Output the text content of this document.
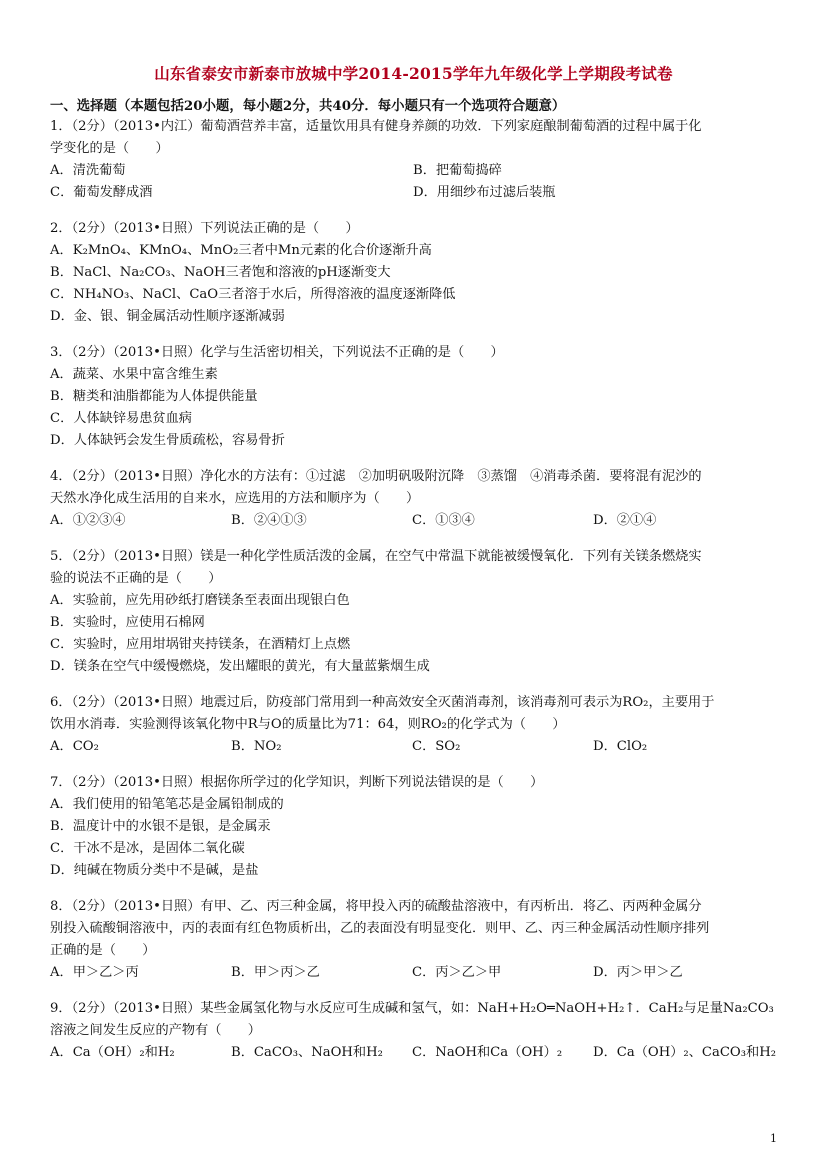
山东省泰安市新泰市放城中学2014-2015学年九年级化学上学期段考试卷
一、选择题（本题包括20小题，每小题2分，共40分．每小题只有一个选项符合题意）
1．（2分）（2013•内江）葡萄酒营养丰富，适量饮用具有健身养颜的功效．下列家庭酿制葡萄酒的过程中属于化
学变化的是（　　）
A．清洗葡萄	B．把葡萄捣碎
C．葡萄发酵成酒	D．用细纱布过滤后装瓶
2．（2分）（2013•日照）下列说法正确的是（　　）
A．K₂MnO₄、KMnO₄、MnO₂三者中Mn元素的化合价逐渐升高
B．NaCl、Na₂CO₃、NaOH三者饱和溶液的pH逐渐变大
C．NH₄NO₃、NaCl、CaO三者溶于水后，所得溶液的温度逐渐降低
D．金、银、铜金属活动性顺序逐渐减弱
3．（2分）（2013•日照）化学与生活密切相关，下列说法不正确的是（　　）
A．蔬菜、水果中富含维生素
B．糖类和油脂都能为人体提供能量
C．人体缺锌易患贫血病
D．人体缺钙会发生骨质疏松，容易骨折
4．（2分）（2013•日照）净化水的方法有：①过滤　②加明矾吸附沉降　③蒸馏　④消毒杀菌．要将混有泥沙的
天然水净化成生活用的自来水，应选用的方法和顺序为（　　）
A．①②③④	B．②④①③	C．①③④	D．②①④
5．（2分）（2013•日照）镁是一种化学性质活泼的金属，在空气中常温下就能被缓慢氧化．下列有关镁条燃烧实
验的说法不正确的是（　　）
A．实验前，应先用砂纸打磨镁条至表面出现银白色
B．实验时，应使用石棉网
C．实验时，应用坩埚钳夹持镁条，在酒精灯上点燃
D．镁条在空气中缓慢燃烧，发出耀眼的黄光，有大量蓝紫烟生成
6．（2分）（2013•日照）地震过后，防疫部门常用到一种高效安全灭菌消毒剂，该消毒剂可表示为RO₂，主要用于
饮用水消毒．实验测得该氧化物中R与O的质量比为71：64，则RO₂的化学式为（　　）
A．CO₂	B．NO₂	C．SO₂	D．ClO₂
7．（2分）（2013•日照）根据你所学过的化学知识，判断下列说法错误的是（　　）
A．我们使用的铅笔笔芯是金属铅制成的
B．温度计中的水银不是银，是金属汞
C．干冰不是冰，是固体二氧化碳
D．纯碱在物质分类中不是碱，是盐
8．（2分）（2013•日照）有甲、乙、丙三种金属，将甲投入丙的硫酸盐溶液中，有丙析出．将乙、丙两种金属分
别投入硫酸铜溶液中，丙的表面有红色物质析出，乙的表面没有明显变化．则甲、乙、丙三种金属活动性顺序排列
正确的是（　　）
A．甲＞乙＞丙	B．甲＞丙＞乙	C．丙＞乙＞甲	D．丙＞甲＞乙
9．（2分）（2013•日照）某些金属氢化物与水反应可生成碱和氢气，如：NaH+H₂O═NaOH+H₂↑．CaH₂与足量Na₂CO₃
溶液之间发生反应的产物有（　　）
A．Ca（OH）₂和H₂	B．CaCO₃、NaOH和H₂	C．NaOH和Ca（OH）₂	D．Ca（OH）₂、CaCO₃和H₂
1
